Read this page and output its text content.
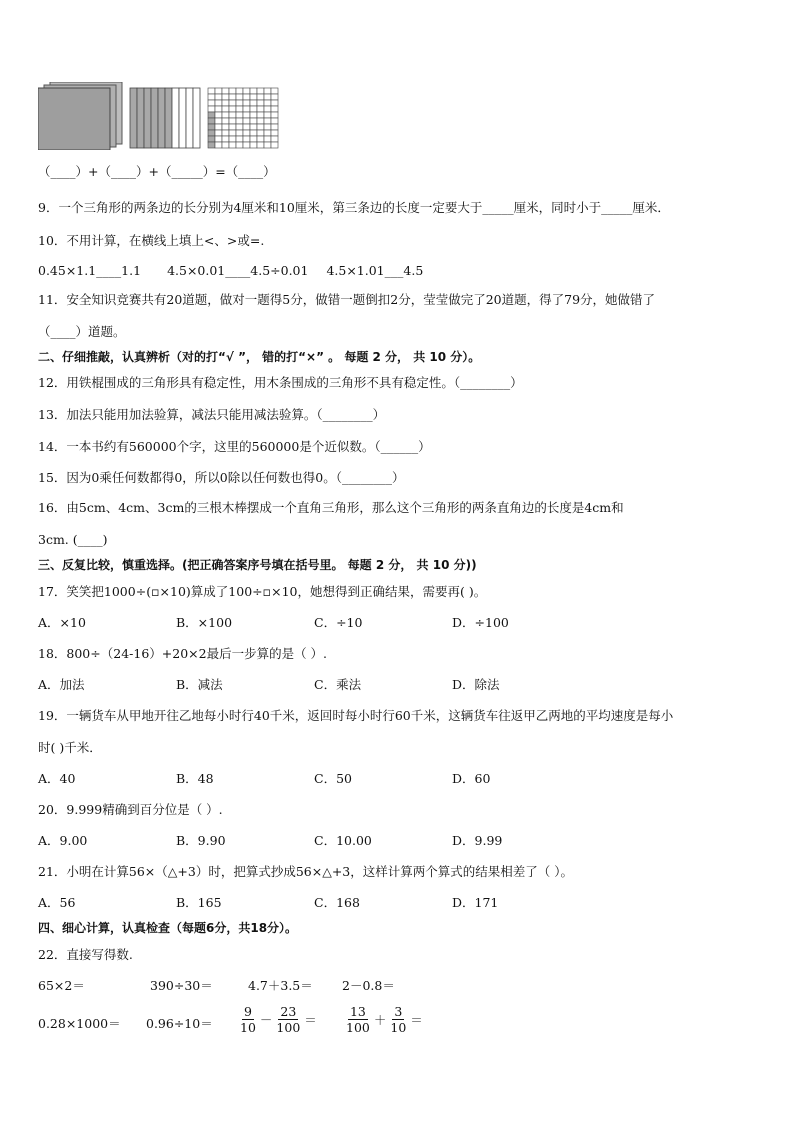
（____）+（____）+（_____）=（____）
9．一个三角形的两条边的长分别为4厘米和10厘米，第三条边的长度一定要大于_____厘米，同时小于_____厘米．
10．不用计算，在横线上填上<、>或=.
0.45×1.1____1.1 4.5×0.01____4.5÷0.01 4.5×1.01___4.5
11．安全知识竞赛共有20道题，做对一题得5分，做错一题倒扣2分，莹莹做完了20道题，得了79分，她做错了
（____）道题。
二、仔细推敲，认真辨析（对的打“√ ”， 错的打“×” 。 每题 2 分， 共 10 分）。
12．用铁棍围成的三角形具有稳定性，用木条围成的三角形不具有稳定性。（________）
13．加法只能用加法验算，减法只能用减法验算。（________）
14．一本书约有560000个字，这里的560000是个近似数。（______）
15．因为0乘任何数都得0，所以0除以任何数也得0。（________）
16．由5cm、4cm、3cm的三根木棒摆成一个直角三角形，那么这个三角形的两条直角边的长度是4cm和
3cm. (____)
三、反复比较，慎重选择。(把正确答案序号填在括号里。 每题 2 分， 共 10 分))
17．笑笑把1000÷(▫×10)算成了100÷▫×10，她想得到正确结果，需要再( )。
A．×10	B．×100	C．÷10	D．÷100
18．800÷（24-16）+20×2最后一步算的是（ ）.
A．加法	B．减法	C．乘法	D．除法
19．一辆货车从甲地开往乙地每小时行40千米，返回时每小时行60千米，这辆货车往返甲乙两地的平均速度是每小
时( )千米．
A．40	B．48	C．50	D．60
20．9.999精确到百分位是（ ）.
A．9.00	B．9.90	C．10.00	D．9.99
21．小明在计算56×（△+3）时，把算式抄成56×△+3，这样计算两个算式的结果相差了（ ）。
A．56	B．165	C．168	D．171
四、细心计算，认真检查（每题6分，共18分）。
22．直接写得数.
65×2＝	390÷30＝	4.7＋3.5＝ 2－0.8＝
$0.28\times 1000= 0.96\div 10= \frac{9}{10} - \frac{23}{100} = \frac{13}{100} + \frac{3}{10}$ ＝
